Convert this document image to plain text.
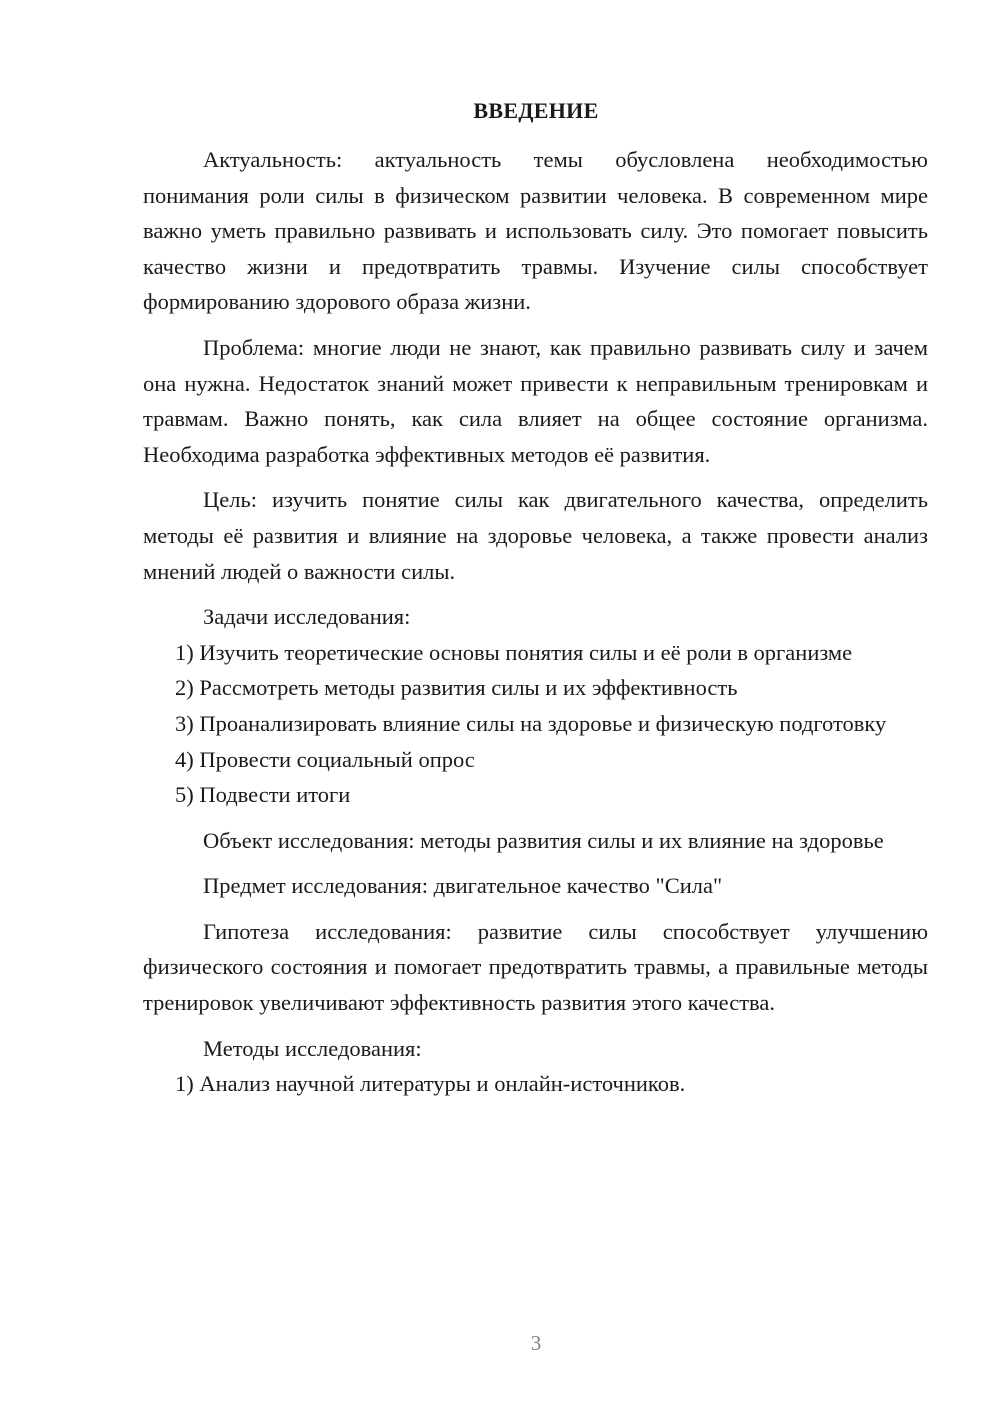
ВВЕДЕНИЕ

Актуальность: актуальность темы обусловлена необходимостью понимания роли силы в физическом развитии человека. В современном мире важно уметь правильно развивать и использовать силу. Это помогает повысить качество жизни и предотвратить травмы. Изучение силы способствует формированию здорового образа жизни.

Проблема: многие люди не знают, как правильно развивать силу и зачем она нужна. Недостаток знаний может привести к неправильным тренировкам и травмам. Важно понять, как сила влияет на общее состояние организма. Необходима разработка эффективных методов её развития.

Цель: изучить понятие силы как двигательного качества, определить методы её развития и влияние на здоровье человека, а также провести анализ мнений людей о важности силы.

Задачи исследования:

1) Изучить теоретические основы понятия силы и её роли в организме

2) Рассмотреть методы развития силы и их эффективность

3) Проанализировать влияние силы на здоровье и физическую подготовку

4) Провести социальный опрос

5) Подвести итоги

Объект исследования: методы развития силы и их влияние на здоровье

Предмет исследования: двигательное качество "Сила"

Гипотеза исследования: развитие силы способствует улучшению физического состояния и помогает предотвратить травмы, а правильные методы тренировок увеличивают эффективность развития этого качества.

Методы исследования:

1) Анализ научной литературы и онлайн-источников.

3
